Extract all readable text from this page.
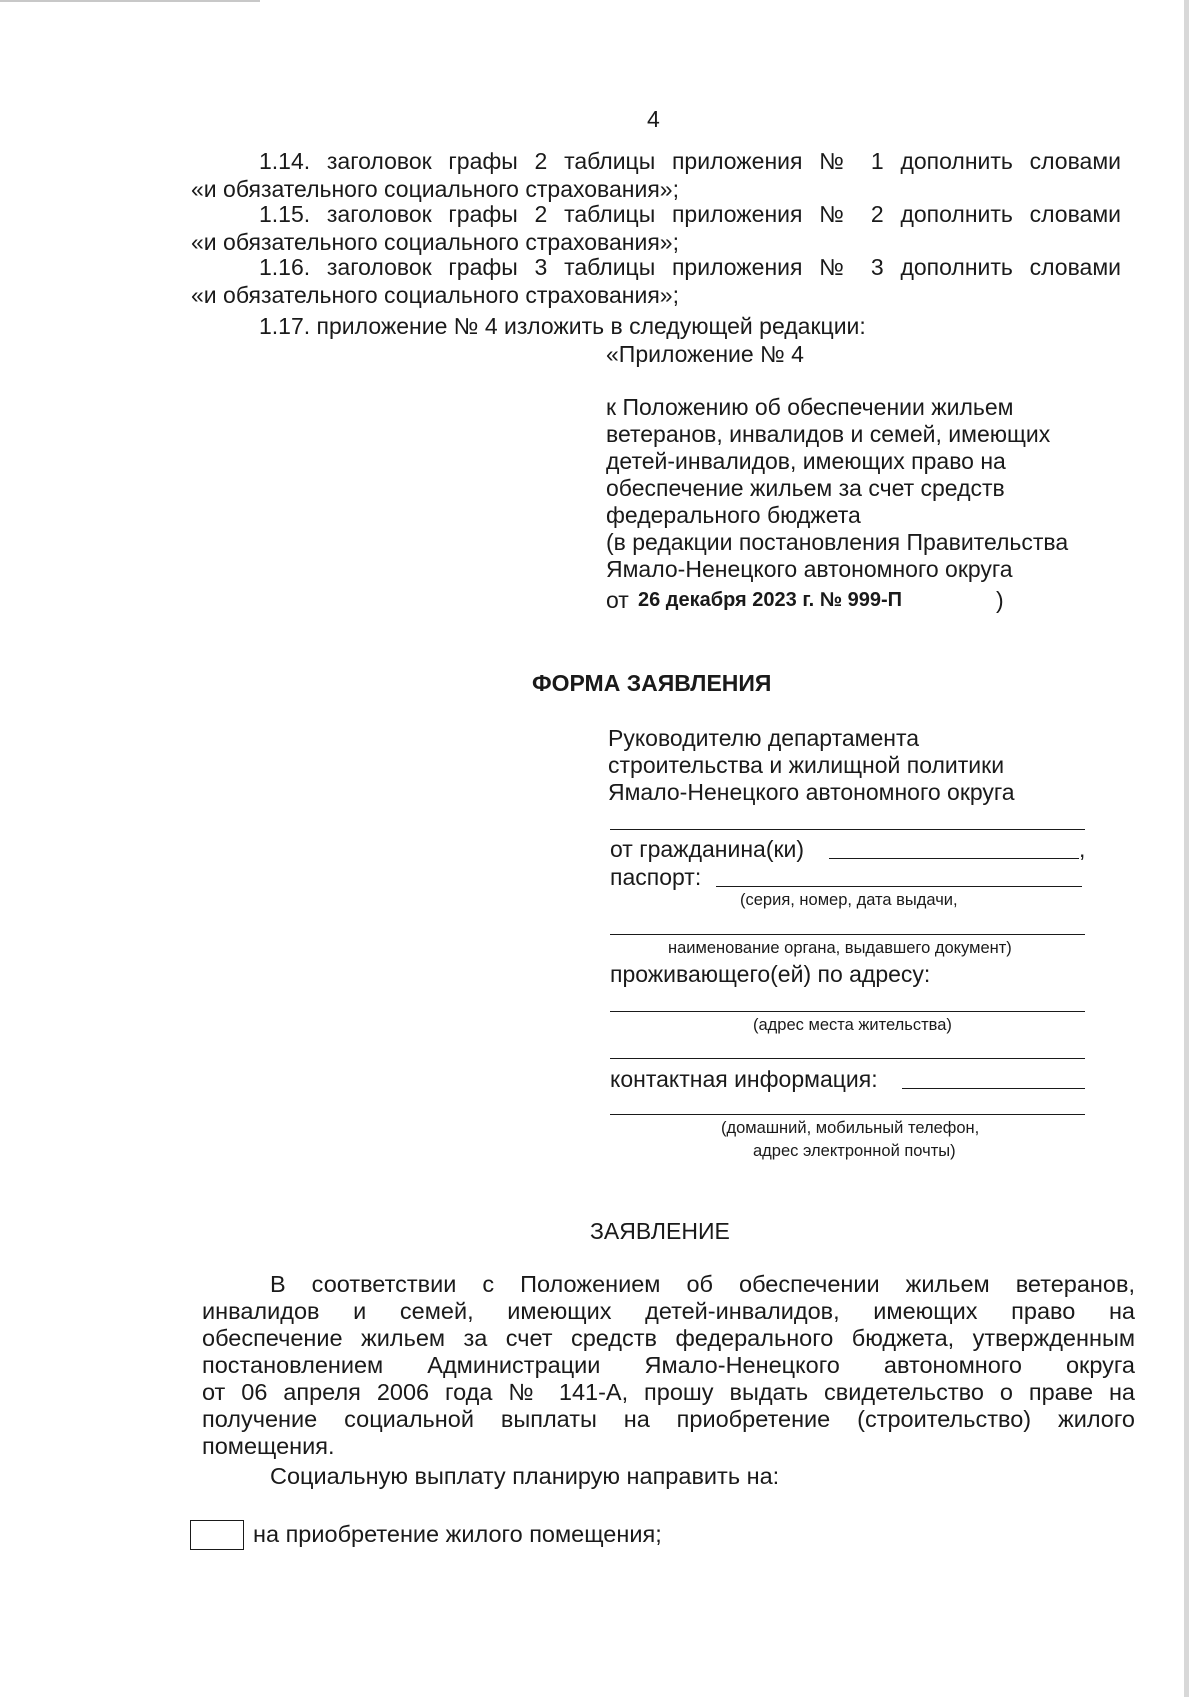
4
1.14. заголовок графы 2 таблицы приложения № 1 дополнить словами
«и обязательного социального страхования»;
1.15. заголовок графы 2 таблицы приложения № 2 дополнить словами
«и обязательного социального страхования»;
1.16. заголовок графы 3 таблицы приложения № 3 дополнить словами
«и обязательного социального страхования»;
1.17. приложение № 4 изложить в следующей редакции:
«Приложение № 4
к Положению об обеспечении жильем
ветеранов, инвалидов и семей, имеющих
детей-инвалидов, имеющих право на
обеспечение жильем за счет средств
федерального бюджета
(в редакции постановления Правительства
Ямало-Ненецкого автономного округа
от 26 декабря 2023 г. № 999-П	)
ФОРМА ЗАЯВЛЕНИЯ
Руководителю департамента
строительства и жилищной политики
Ямало-Ненецкого автономного округа
от гражданина(ки)	,
паспорт:
(серия, номер, дата выдачи,
наименование органа, выдавшего документ)
проживающего(ей) по адресу:
(адрес места жительства)
контактная информация:
(домашний, мобильный телефон,
адрес электронной почты)
ЗАЯВЛЕНИЕ
В соответствии с Положением об обеспечении жильем ветеранов,
инвалидов и семей, имеющих детей-инвалидов, имеющих право на
обеспечение жильем за счет средств федерального бюджета, утвержденным
постановлением Администрации Ямало-Ненецкого автономного округа
от 06 апреля 2006 года № 141-А, прошу выдать свидетельство о праве на
получение социальной выплаты на приобретение (строительство) жилого
помещения.
Социальную выплату планирую направить на:
на приобретение жилого помещения;
